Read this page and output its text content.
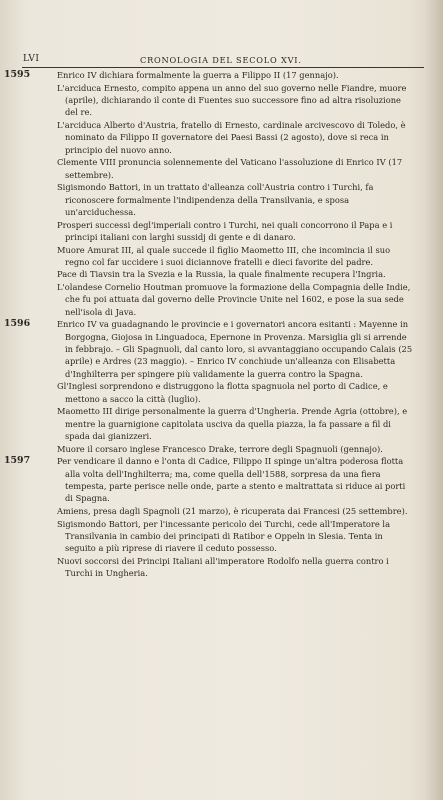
LVI	CRONOLOGIA DEL SECOLO XVI.
1595	Enrico IV dichiara formalmente la guerra a Filippo II (17 gennajo).

L'arciduca Ernesto, compito appena un anno del suo governo nelle Fiandre, muore (aprile), dichiarando il conte di Fuentes suo successore fino ad altra risoluzione del re.

L'arciduca Alberto d'Austria, fratello di Ernesto, cardinale arcivescovo di Toledo, è nominato da Filippo II governatore dei Paesi Bassi (2 agosto), dove si reca in principio del nuovo anno.

Clemente VIII pronuncia solennemente del Vaticano l'assoluzione di Enrico IV (17 settembre).

Sigismondo Battori, in un trattato d'alleanza coll'Austria contro i Turchi, fa riconoscere formalmente l'indipendenza della Transilvania, e sposa un'arciduchessa.

Prosperi successi degl'imperiali contro i Turchi, nei quali concorrono il Papa e i principi italiani con larghi sussidj di gente e di danaro.

Muore Amurat III, al quale succede il figlio Maometto III, che incomincia il suo regno col far uccidere i suoi diciannove fratelli e dieci favorite del padre.

Pace di Tiavsin tra la Svezia e la Russia, la quale finalmente recupera l'Ingria.

L'olandese Cornelio Houtman promuove la formazione della Compagnia delle Indie, che fu poi attuata dal governo delle Provincie Unite nel 1602, e pose la sua sede nell'isola di Java.

1596	Enrico IV va guadagnando le provincie e i governatori ancora esitanti : Mayenne in Borgogna, Giojosa in Linguadoca, Epernone in Provenza. Marsiglia gli si arrende in febbrajo. – Gli Spagnuoli, dal canto loro, si avvantaggiano occupando Calais (25 aprile) e Ardres (23 maggio). – Enrico IV conchiude un'alleanza con Elisabetta d'Inghilterra per spingere più validamente la guerra contro la Spagna.

Gl'Inglesi sorprendono e distruggono la flotta spagnuola nel porto di Cadice, e mettono a sacco la città (luglio).

Maometto III dirige personalmente la guerra d'Ungheria. Prende Agria (ottobre), e mentre la guarnigione capitolata usciva da quella piazza, la fa passare a fil di spada dai gianizzeri.

Muore il corsaro inglese Francesco Drake, terrore degli Spagnuoli (gennajo).

1597	Per vendicare il danno e l'onta di Cadice, Filippo II spinge un'altra poderosa flotta alla volta dell'Inghilterra; ma, come quella dell'1588, sorpresa da una fiera tempesta, parte perisce nelle onde, parte a stento e maltrattata si riduce ai porti di Spagna.

Amiens, presa dagli Spagnoli (21 marzo), è ricuperata dai Francesi (25 settembre).

Sigismondo Battori, per l'incessante pericolo dei Turchi, cede all'Imperatore la Transilvania in cambio dei principati di Ratibor e Oppeln in Slesia. Tenta in seguito a più riprese di riavere il ceduto possesso.

Nuovi soccorsi dei Principi Italiani all'imperatore Rodolfo nella guerra contro i Turchi in Ungheria.
